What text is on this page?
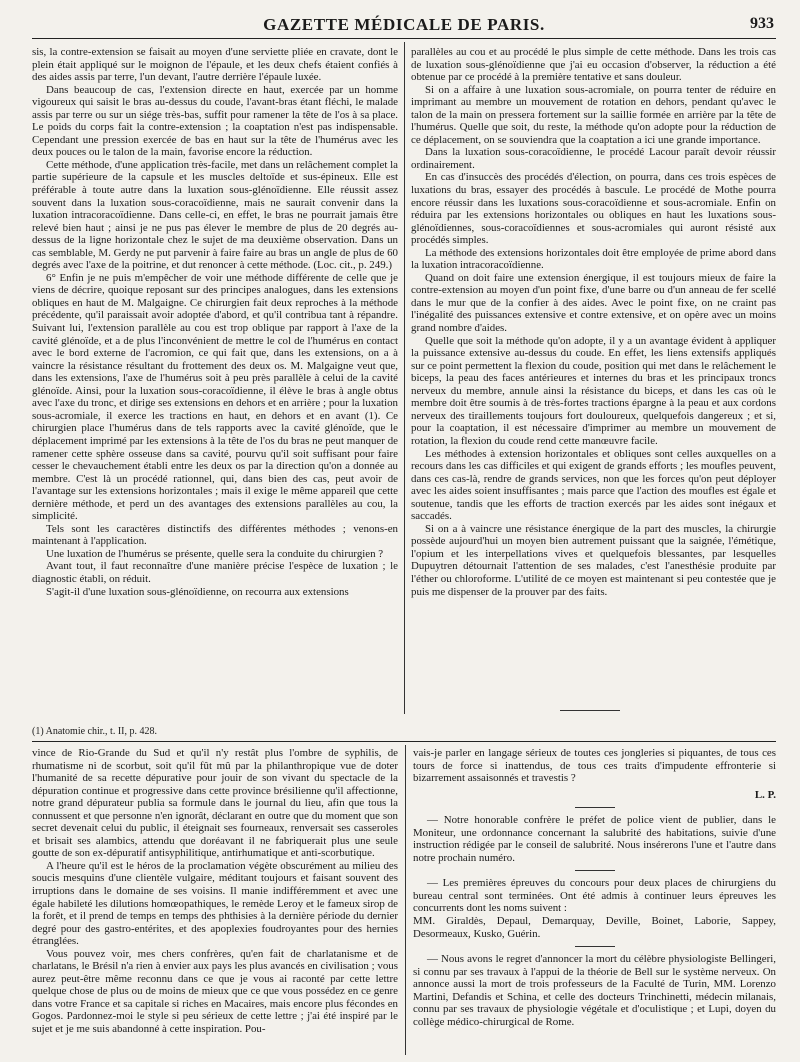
GAZETTE MÉDICALE DE PARIS.	933

sis, la contre-extension se faisait au moyen d'une serviette pliée en cravate, dont le plein était appliqué sur le moignon de l'épaule, et les deux chefs étaient confiés à des aides assis par terre, l'un devant, l'autre derrière l'épaule luxée.

Dans beaucoup de cas, l'extension directe en haut, exercée par un homme vigoureux qui saisit le bras au-dessus du coude, l'avant-bras étant fléchi, le malade assis par terre ou sur un siége très-bas, suffit pour ramener la tête de l'os à sa place. Le poids du corps fait la contre-extension ; la coaptation n'est pas indispensable. Cependant une pression exercée de bas en haut sur la tête de l'humérus avec les deux pouces ou le talon de la main, favorise encore la réduction.

Cette méthode, d'une application très-facile, met dans un relâchement complet la partie supérieure de la capsule et les muscles deltoïde et sus-épineux. Elle est préférable à toute autre dans la luxation sous-glénoïdienne. Elle réussit assez souvent dans la luxation sous-coracoïdienne, mais ne saurait convenir dans la luxation intracoracoïdienne. Dans celle-ci, en effet, le bras ne pourrait jamais être relevé bien haut ; ainsi je ne pus pas élever le membre de plus de 20 degrés au-dessus de la ligne horizontale chez le sujet de ma deuxième observation. Dans un cas semblable, M. Gerdy ne put parvenir à faire faire au bras un angle de plus de 60 degrés avec l'axe de la poitrine, et dut renoncer à cette méthode. (Loc. cit., p. 249.)

6° Enfin je ne puis m'empêcher de voir une méthode différente de celle que je viens de décrire, quoique reposant sur des principes analogues, dans les extensions obliques en haut de M. Malgaigne. Ce chirurgien fait deux reproches à la méthode précédente, qu'il paraissait avoir adoptée d'abord, et qu'il contribua tant à répandre. Suivant lui, l'extension parallèle au cou est trop oblique par rapport à l'axe de la cavité glénoïde, et a de plus l'inconvénient de mettre le col de l'humérus en contact avec le bord externe de l'acromion, ce qui fait que, dans les extensions, on a à vaincre la résistance résultant du frottement des deux os. M. Malgaigne veut que, dans les extensions, l'axe de l'humérus soit à peu près parallèle à celui de la cavité glénoïde. Ainsi, pour la luxation sous-coracoïdienne, il élève le bras à angle obtus avec l'axe du tronc, et dirige ses extensions en dehors et en arrière ; pour la luxation sous-acromiale, il exerce les tractions en haut, en dehors et en avant (1). Ce chirurgien place l'humérus dans de tels rapports avec la cavité glénoïde, que le déplacement imprimé par les extensions à la tête de l'os du bras ne peut manquer de ramener cette sphère osseuse dans sa cavité, pourvu qu'il soit suffisant pour faire cesser le chevauchement établi entre les deux os par la direction qu'on a donnée au membre. C'est là un procédé rationnel, qui, dans bien des cas, peut avoir de l'avantage sur les extensions horizontales ; mais il exige le même appareil que cette dernière méthode, et perd un des avantages des extensions parallèles au cou, la simplicité.

Tels sont les caractères distinctifs des différentes méthodes ; venons-en maintenant à l'application.

Une luxation de l'humérus se présente, quelle sera la conduite du chirurgien ?

Avant tout, il faut reconnaître d'une manière précise l'espèce de luxation ; le diagnostic établi, on réduit.

S'agit-il d'une luxation sous-glénoïdienne, on recourra aux extensions

parallèles au cou et au procédé le plus simple de cette méthode. Dans les trois cas de luxation sous-glénoïdienne que j'ai eu occasion d'observer, la réduction a été obtenue par ce procédé à la première tentative et sans douleur.

Si on a affaire à une luxation sous-acromiale, on pourra tenter de réduire en imprimant au membre un mouvement de rotation en dehors, pendant qu'avec le talon de la main on pressera fortement sur la saillie formée en arrière par la tête de l'humérus. Quelle que soit, du reste, la méthode qu'on adopte pour la réduction de ce déplacement, on se souviendra que la coaptation a ici une grande importance.

Dans la luxation sous-coracoïdienne, le procédé Lacour paraît devoir réussir ordinairement.

En cas d'insuccès des procédés d'élection, on pourra, dans ces trois espèces de luxations du bras, essayer des procédés à bascule. Le procédé de Mothe pourra encore réussir dans les luxations sous-coracoïdienne et sous-acromiale. Enfin on réduira par les extensions horizontales ou obliques en haut les luxations sous-glénoïdiennes, sous-coracoïdiennes et sous-acromiales qui auront résisté aux procédés simples.

La méthode des extensions horizontales doit être employée de prime abord dans la luxation intracoracoïdienne.

Quand on doit faire une extension énergique, il est toujours mieux de faire la contre-extension au moyen d'un point fixe, d'une barre ou d'un anneau de fer scellé dans le mur que de la confier à des aides. Avec le point fixe, on ne craint pas l'inégalité des puissances extensive et contre extensive, et on opère avec un moins grand nombre d'aides.

Quelle que soit la méthode qu'on adopte, il y a un avantage évident à appliquer la puissance extensive au-dessus du coude. En effet, les liens extensifs appliqués sur ce point permettent la flexion du coude, position qui met dans le relâchement le biceps, la peau des faces antérieures et internes du bras et les principaux troncs nerveux du membre, annule ainsi la résistance du biceps, et dans les cas où le membre doit être soumis à de très-fortes tractions épargne à la peau et aux cordons nerveux des tiraillements toujours fort douloureux, quelquefois dangereux ; et si, pour la coaptation, il est nécessaire d'imprimer au membre un mouvement de rotation, la flexion du coude rend cette manœuvre facile.

Les méthodes à extension horizontales et obliques sont celles auxquelles on a recours dans les cas difficiles et qui exigent de grands efforts ; les moufles peuvent, dans ces cas-là, rendre de grands services, non que les forces qu'on peut déployer avec les aides soient insuffisantes ; mais parce que l'action des moufles est égale et soutenue, tandis que les efforts de traction exercés par les aides sont inégaux et saccadés.

Si on a à vaincre une résistance énergique de la part des muscles, la chirurgie possède aujourd'hui un moyen bien autrement puissant que la saignée, l'émétique, l'opium et les interpellations vives et quelquefois blessantes, par lesquelles Dupuytren détournait l'attention de ses malades, c'est l'anesthésie produite par l'éther ou chloroforme. L'utilité de ce moyen est maintenant si peu contestée que je puis me dispenser de la prouver par des faits.

(1) Anatomie chir., t. II, p. 428.

vince de Rio-Grande du Sud et qu'il n'y restât plus l'ombre de syphilis, de rhumatisme ni de scorbut, soit qu'il fût mû par la philanthropique vue de doter l'humanité de sa recette dépurative pour jouir de son vivant du spectacle de la dépuration continue et progressive dans cette province brésilienne qu'il affectionne, notre grand dépurateur publia sa formule dans le journal du lieu, afin que tous la connussent et que personne n'en ignorât, déclarant en outre que du moment que son secret devenait celui du public, il éteignait ses fourneaux, renversait ses casseroles et brisait ses alambics, attendu que doréavant il ne fabriquerait plus une seule goutte de son ex-dépuratif antisyphilitique, antirhumatique et anti-scorbutique.

A l'heure qu'il est le héros de la proclamation végète obscurément au milieu des soucis mesquins d'une clientèle vulgaire, méditant toujours et faisant souvent des irruptions dans le domaine de ses voisins. Il manie indifféremment et avec une égale habileté les dilutions homœopathiques, le remède Leroy et le fameux sirop de la forêt, et il prend de temps en temps des phthisies à la dernière période du dernier degré pour des gastro-entérites, et des apoplexies foudroyantes pour des hernies étranglées.

Vous pouvez voir, mes chers confrères, qu'en fait de charlatanisme et de charlatans, le Brésil n'a rien à envier aux pays les plus avancés en civilisation ; vous aurez peut-être même reconnu dans ce que je vous ai raconté par cette lettre quelque chose de plus ou de moins de mieux que ce que vous possédez en ce genre dans votre France et sa capitale si riches en Macaires, mais encore plus fécondes en Gogos. Pardonnez-moi le style si peu sérieux de cette lettre ; j'ai été inspiré par le sujet et je me suis abandonné à cette inspiration. Pou-

vais-je parler en langage sérieux de toutes ces jongleries si piquantes, de tous ces tours de force si inattendus, de tous ces traits d'impudente effronterie si bizarrement assaisonnés et travestis ?

L. P.

— Notre honorable confrère le préfet de police vient de publier, dans le Moniteur, une ordonnance concernant la salubrité des habitations, suivie d'une instruction rédigée par le conseil de salubrité. Nous insérerons l'une et l'autre dans notre prochain numéro.

— Les premières épreuves du concours pour deux places de chirurgiens du bureau central sont terminées. Ont été admis à continuer leurs épreuves les concurrents dont les noms suivent :

MM. Giraldès, Depaul, Demarquay, Deville, Boinet, Laborie, Sappey, Desormeaux, Kusko, Guérin.

— Nous avons le regret d'annoncer la mort du célèbre physiologiste Bellingeri, si connu par ses travaux à l'appui de la théorie de Bell sur le système nerveux. On annonce aussi la mort de trois professeurs de la Faculté de Turin, MM. Lorenzo Martini, Defandis et Schina, et celle des docteurs Trinchinetti, médecin milanais, connu par ses travaux de physiologie végétale et d'oculistique ; et Lupi, doyen du collège médico-chirurgical de Rome.
